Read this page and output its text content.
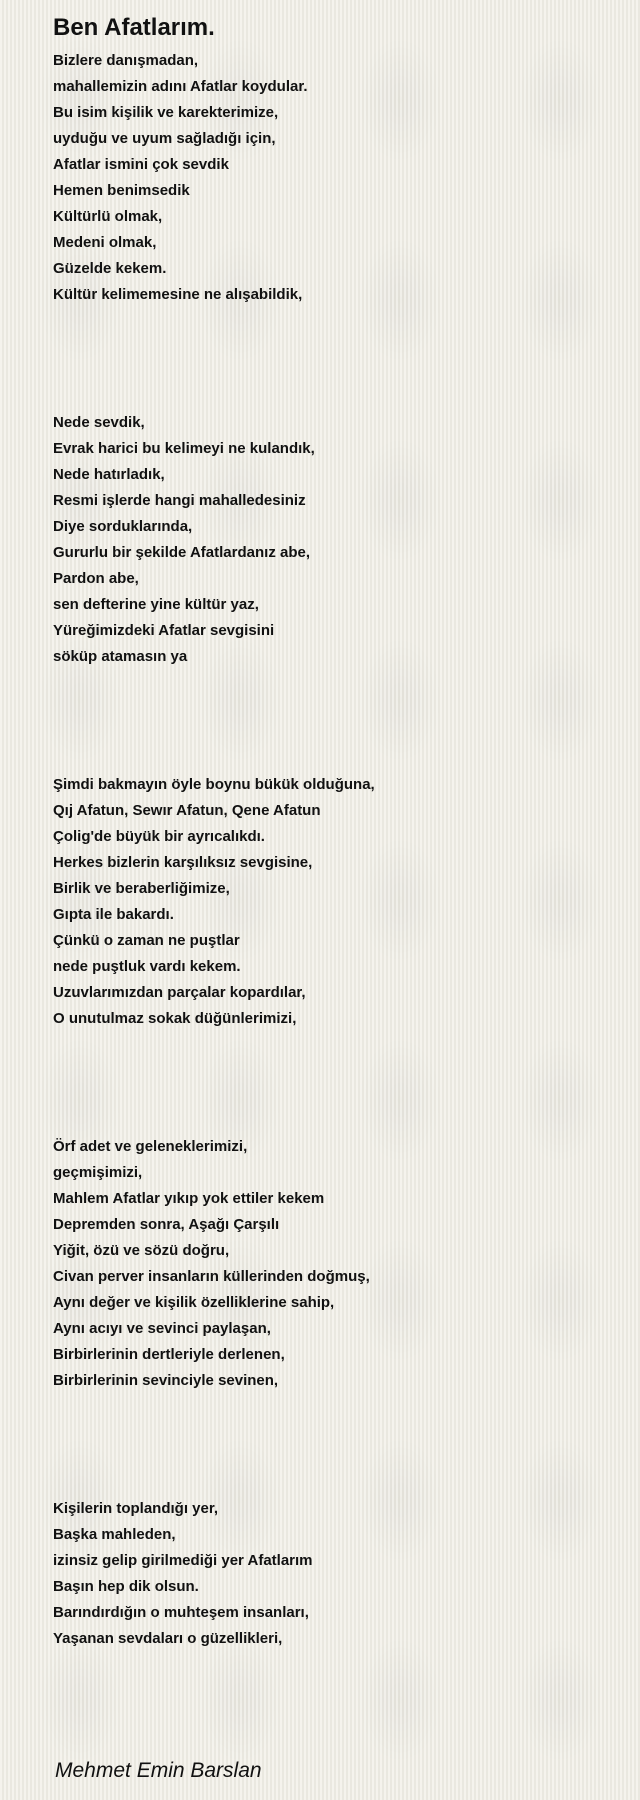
Ben Afatlarım.
Bizlere danışmadan,
mahallemizin adını Afatlar koydular.
Bu isim kişilik ve karekterimize,
uyduğu ve uyum sağladığı için,
Afatlar ismini çok sevdik
Hemen benimsedik
Kültürlü olmak,
Medeni olmak,
Güzelde kekem.
Kültür kelimemesine ne alışabildik,
Nede sevdik,
Evrak harici bu kelimeyi ne kulandık,
Nede hatırladık,
Resmi işlerde hangi mahalledesiniz
Diye sorduklarında,
Gururlu bir şekilde Afatlardanız abe,
Pardon abe,
sen defterine yine kültür yaz,
Yüreğimizdeki Afatlar sevgisini
söküp atamasın ya
Şimdi bakmayın öyle boynu bükük olduğuna,
Qıj Afatun, Sewır Afatun, Qene Afatun
Çolig'de büyük bir ayrıcalıkdı.
Herkes bizlerin karşılıksız sevgisine,
Birlik ve beraberliğimize,
Gıpta ile bakardı.
Çünkü o zaman ne puştlar
nede puştluk vardı kekem.
Uzuvlarımızdan parçalar kopardılar,
O unutulmaz sokak düğünlerimizi,
Örf adet ve geleneklerimizi,
geçmişimizi,
Mahlem Afatlar yıkıp yok ettiler kekem
Depremden sonra, Aşağı Çarşılı
Yiğit, özü ve sözü doğru,
Civan perver insanların küllerinden doğmuş,
Aynı değer ve kişilik özelliklerine sahip,
Aynı acıyı ve sevinci paylaşan,
Birbirlerinin dertleriyle derlenen,
Birbirlerinin sevinciyle sevinen,
Kişilerin toplandığı yer,
Başka mahleden,
izinsiz gelip girilmediği yer Afatlarım
Başın hep dik olsun.
Barındırdığın o muhteşem insanları,
Yaşanan sevdaları o güzellikleri,
Mehmet Emin Barslan
